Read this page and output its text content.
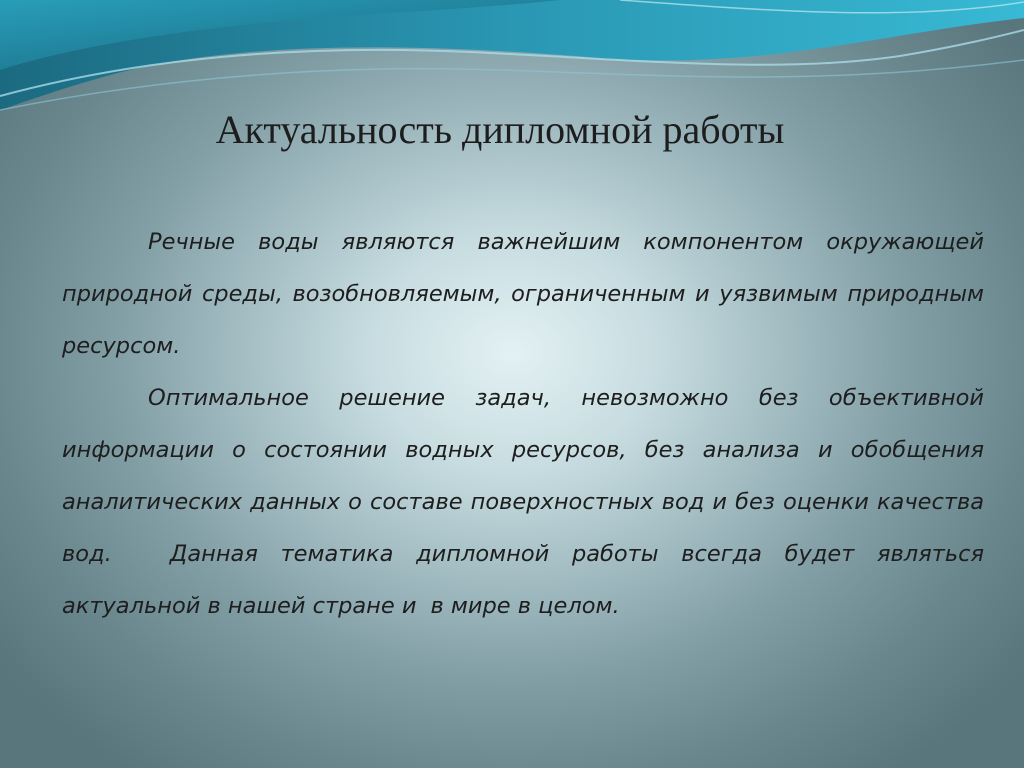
Актуальность дипломной работы

Речные воды являются важнейшим компонентом окружающей природной среды, возобновляемым, ограниченным и уязвимым природным ресурсом.

Оптимальное решение задач, невозможно без объективной информации о состоянии водных ресурсов, без анализа и обобщения аналитических данных о составе поверхностных вод и без оценки качества вод.	Данная тематика дипломной работы всегда будет являться актуальной в нашей стране и в мире в целом.
